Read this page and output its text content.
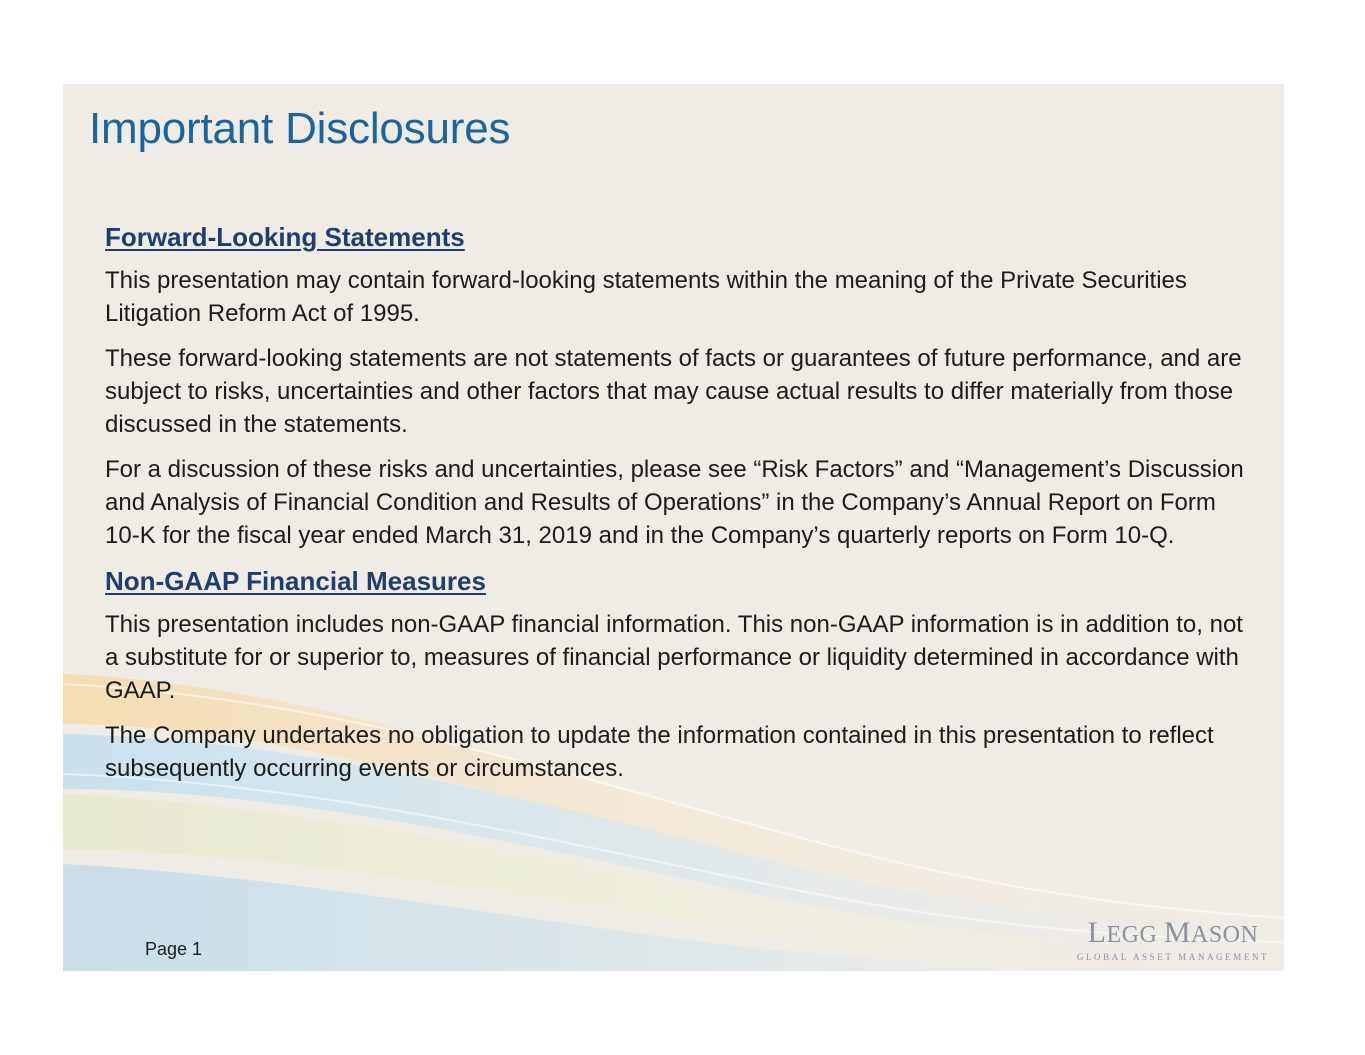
Important Disclosures
Forward-Looking Statements

This presentation may contain forward-looking statements within the meaning of the Private Securities Litigation Reform Act of 1995.

These forward-looking statements are not statements of facts or guarantees of future performance, and are subject to risks, uncertainties and other factors that may cause actual results to differ materially from those discussed in the statements.

For a discussion of these risks and uncertainties, please see “Risk Factors” and “Management’s Discussion and Analysis of Financial Condition and Results of Operations” in the Company’s Annual Report on Form 10-K for the fiscal year ended March 31, 2019 and in the Company’s quarterly reports on Form 10-Q.

Non-GAAP Financial Measures

This presentation includes non-GAAP financial information. This non-GAAP information is in addition to, not a substitute for or superior to, measures of financial performance or liquidity determined in accordance with GAAP.

The Company undertakes no obligation to update the information contained in this presentation to reflect subsequently occurring events or circumstances.

Page 1	LEGG MASON
GLOBAL ASSET MANAGEMENT
